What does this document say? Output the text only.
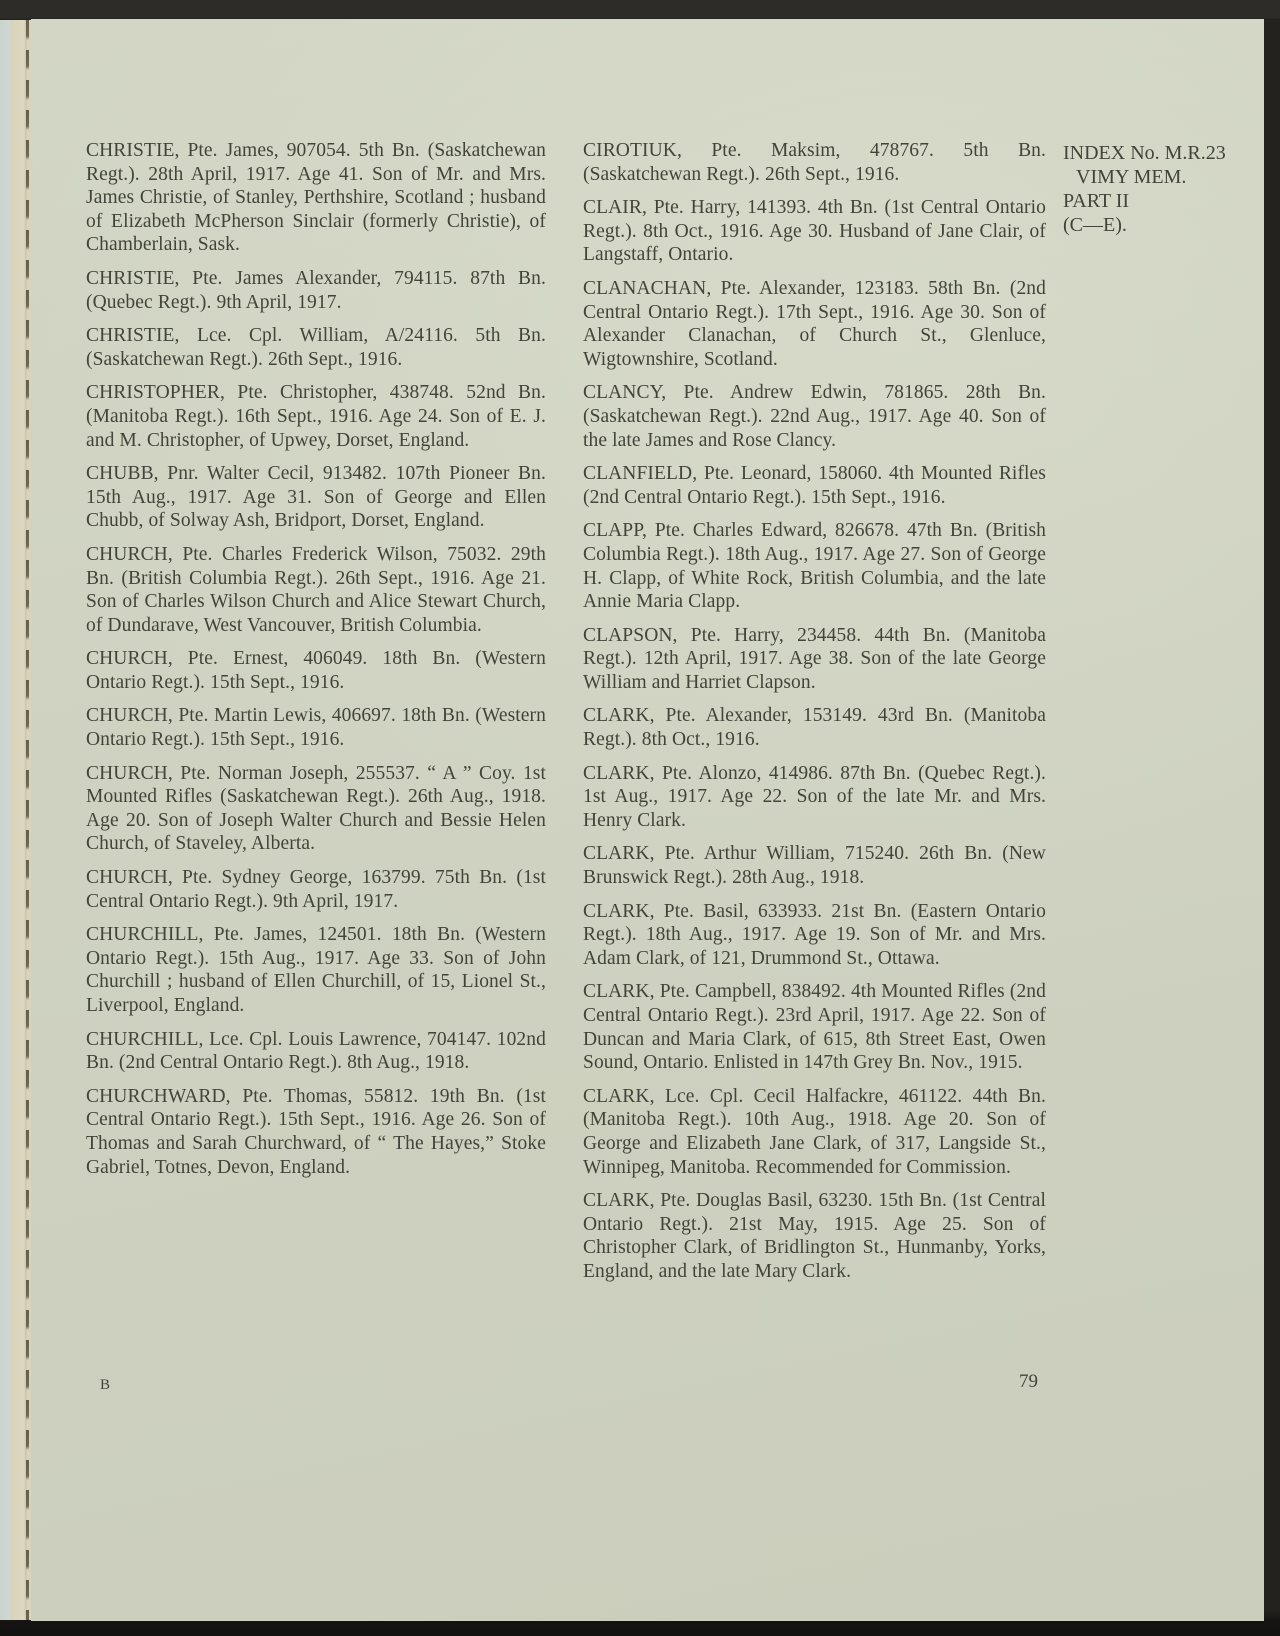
CHRISTIE, Pte. James, 907054. 5th Bn. (Saskatchewan Regt.). 28th April, 1917. Age 41. Son of Mr. and Mrs. James Christie, of Stanley, Perthshire, Scotland ; husband of Elizabeth McPherson Sinclair (formerly Christie), of Chamberlain, Sask.

CHRISTIE, Pte. James Alexander, 794115. 87th Bn. (Quebec Regt.). 9th April, 1917.

CHRISTIE, Lce. Cpl. William, A/24116. 5th Bn. (Saskatchewan Regt.). 26th Sept., 1916.

CHRISTOPHER, Pte. Christopher, 438748. 52nd Bn. (Manitoba Regt.). 16th Sept., 1916. Age 24. Son of E. J. and M. Christopher, of Upwey, Dorset, England.

CHUBB, Pnr. Walter Cecil, 913482. 107th Pioneer Bn. 15th Aug., 1917. Age 31. Son of George and Ellen Chubb, of Solway Ash, Bridport, Dorset, England.

CHURCH, Pte. Charles Frederick Wilson, 75032. 29th Bn. (British Columbia Regt.). 26th Sept., 1916. Age 21. Son of Charles Wilson Church and Alice Stewart Church, of Dundarave, West Vancouver, British Columbia.

CHURCH, Pte. Ernest, 406049. 18th Bn. (Western Ontario Regt.). 15th Sept., 1916.

CHURCH, Pte. Martin Lewis, 406697. 18th Bn. (Western Ontario Regt.). 15th Sept., 1916.

CHURCH, Pte. Norman Joseph, 255537. “ A ” Coy. 1st Mounted Rifles (Saskatchewan Regt.). 26th Aug., 1918. Age 20. Son of Joseph Walter Church and Bessie Helen Church, of Staveley, Alberta.

CHURCH, Pte. Sydney George, 163799. 75th Bn. (1st Central Ontario Regt.). 9th April, 1917.

CHURCHILL, Pte. James, 124501. 18th Bn. (Western Ontario Regt.). 15th Aug., 1917. Age 33. Son of John Churchill ; husband of Ellen Churchill, of 15, Lionel St., Liverpool, England.

CHURCHILL, Lce. Cpl. Louis Lawrence, 704147. 102nd Bn. (2nd Central Ontario Regt.). 8th Aug., 1918.

CHURCHWARD, Pte. Thomas, 55812. 19th Bn. (1st Central Ontario Regt.). 15th Sept., 1916. Age 26. Son of Thomas and Sarah Churchward, of “ The Hayes,” Stoke Gabriel, Totnes, Devon, England.

CIROTIUK, Pte. Maksim, 478767. 5th Bn. (Saskatchewan Regt.). 26th Sept., 1916.

CLAIR, Pte. Harry, 141393. 4th Bn. (1st Central Ontario Regt.). 8th Oct., 1916. Age 30. Husband of Jane Clair, of Langstaff, Ontario.

CLANACHAN, Pte. Alexander, 123183. 58th Bn. (2nd Central Ontario Regt.). 17th Sept., 1916. Age 30. Son of Alexander Clanachan, of Church St., Glenluce, Wigtownshire, Scotland.

CLANCY, Pte. Andrew Edwin, 781865. 28th Bn. (Saskatchewan Regt.). 22nd Aug., 1917. Age 40. Son of the late James and Rose Clancy.

CLANFIELD, Pte. Leonard, 158060. 4th Mounted Rifles (2nd Central Ontario Regt.). 15th Sept., 1916.

CLAPP, Pte. Charles Edward, 826678. 47th Bn. (British Columbia Regt.). 18th Aug., 1917. Age 27. Son of George H. Clapp, of White Rock, British Columbia, and the late Annie Maria Clapp.

CLAPSON, Pte. Harry, 234458. 44th Bn. (Manitoba Regt.). 12th April, 1917. Age 38. Son of the late George William and Harriet Clapson.

CLARK, Pte. Alexander, 153149. 43rd Bn. (Manitoba Regt.). 8th Oct., 1916.

CLARK, Pte. Alonzo, 414986. 87th Bn. (Quebec Regt.). 1st Aug., 1917. Age 22. Son of the late Mr. and Mrs. Henry Clark.

CLARK, Pte. Arthur William, 715240. 26th Bn. (New Brunswick Regt.). 28th Aug., 1918.

CLARK, Pte. Basil, 633933. 21st Bn. (Eastern Ontario Regt.). 18th Aug., 1917. Age 19. Son of Mr. and Mrs. Adam Clark, of 121, Drummond St., Ottawa.

CLARK, Pte. Campbell, 838492. 4th Mounted Rifles (2nd Central Ontario Regt.). 23rd April, 1917. Age 22. Son of Duncan and Maria Clark, of 615, 8th Street East, Owen Sound, Ontario. Enlisted in 147th Grey Bn. Nov., 1915.

CLARK, Lce. Cpl. Cecil Halfackre, 461122. 44th Bn. (Manitoba Regt.). 10th Aug., 1918. Age 20. Son of George and Elizabeth Jane Clark, of 317, Langside St., Winnipeg, Manitoba. Recommended for Commission.

CLARK, Pte. Douglas Basil, 63230. 15th Bn. (1st Central Ontario Regt.). 21st May, 1915. Age 25. Son of Christopher Clark, of Bridlington St., Hunmanby, Yorks, England, and the late Mary Clark.

INDEX No. M.R.23
VIMY MEM.
PART II
(C—E).
B	79
